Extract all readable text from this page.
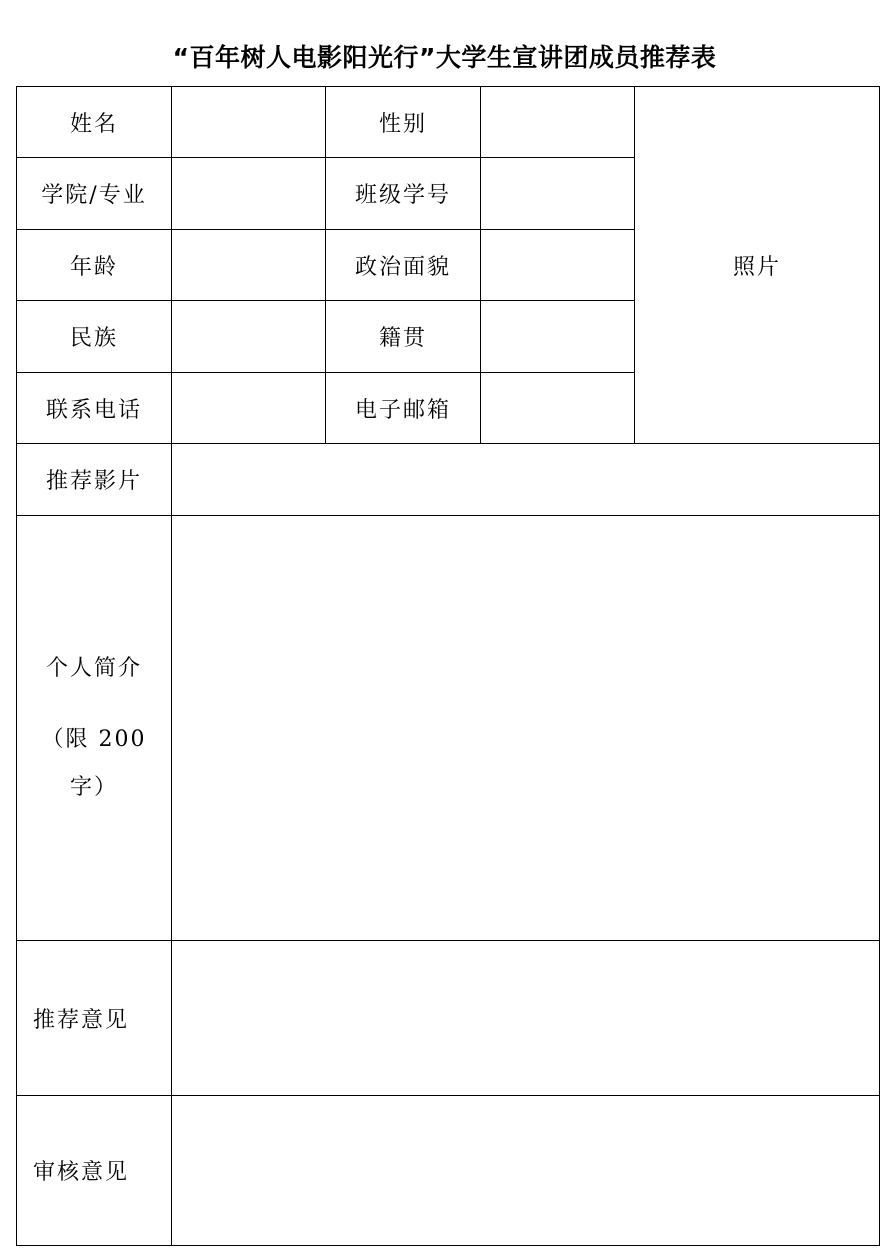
“百年树人电影阳光行”大学生宣讲团成员推荐表
姓名		性别		照片
学院/专业		班级学号		
年龄		政治面貌		
民族		籍贯		
联系电话		电子邮箱		
推荐影片				

个人简介
（限 200
字）				

推荐意见				
审核意见				
